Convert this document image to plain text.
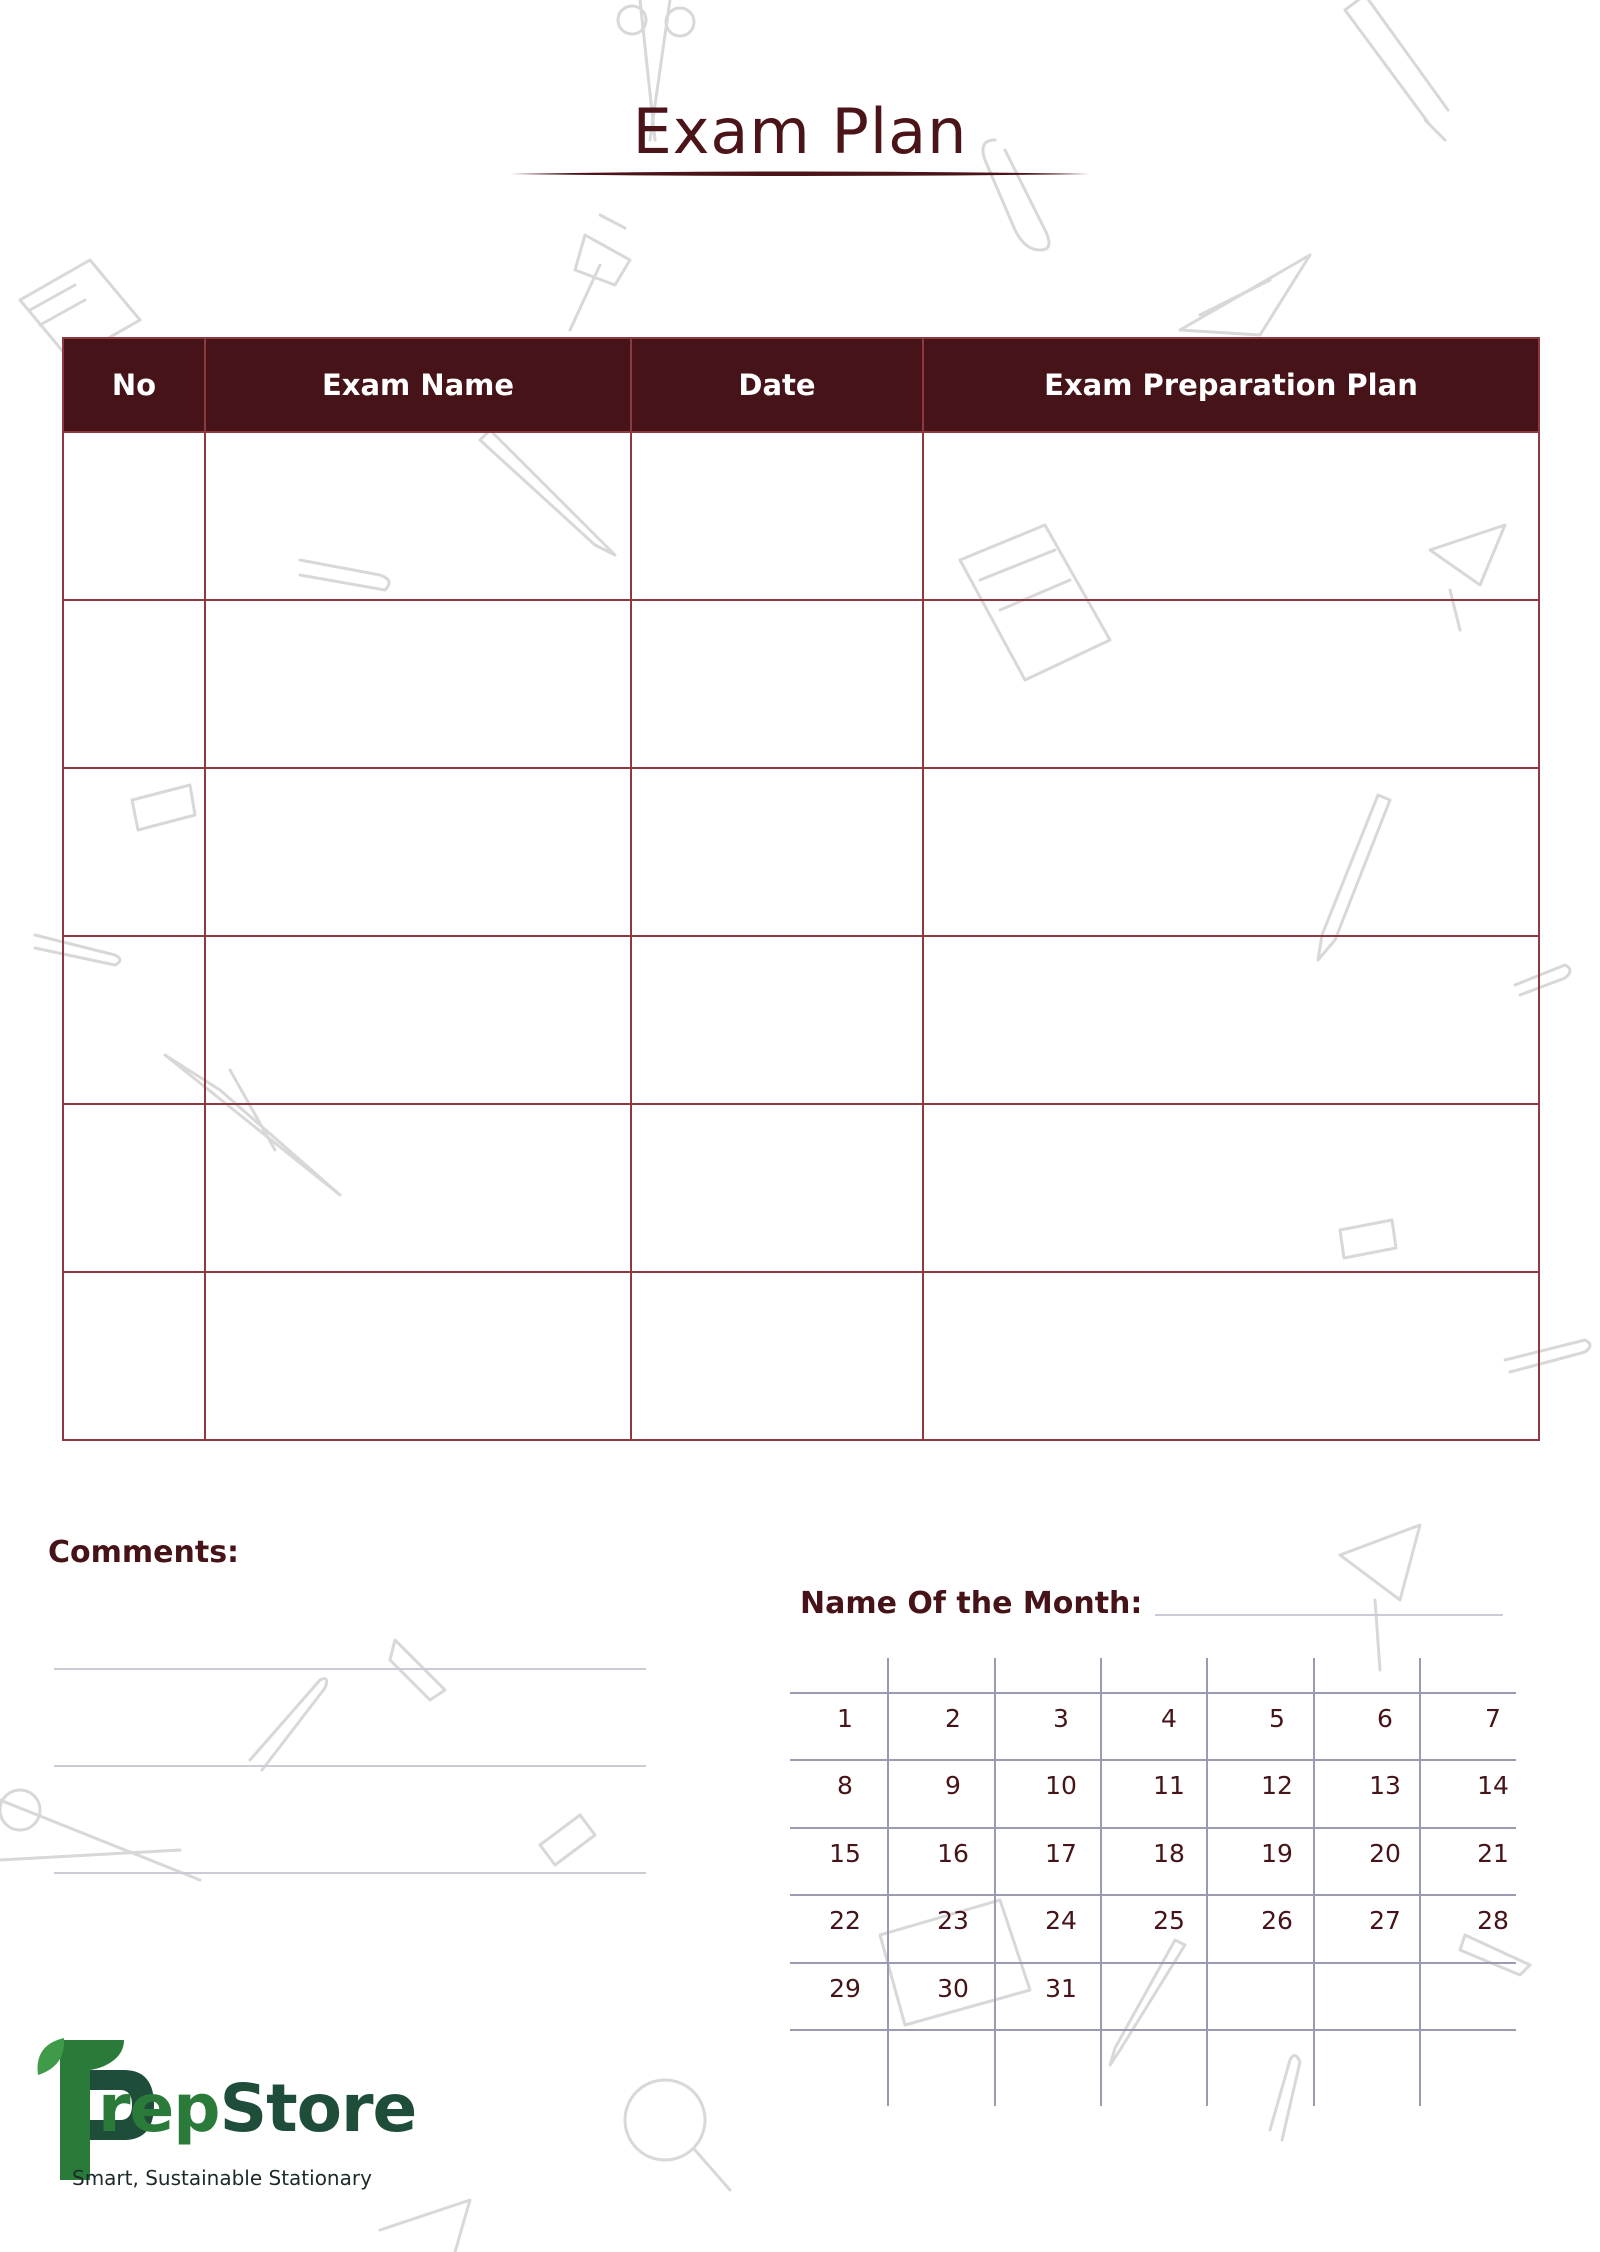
Exam Plan
No	Exam Name	Date	Exam Preparation Plan

Comments:
Name Of the Month:
1	2	3	4	5	6	7
8	9	10	11	12	13	14
15	16	17	18	19	20	21
22	23	24	25	26	27	28
29	30	31
repStore
Smart, Sustainable Stationary
